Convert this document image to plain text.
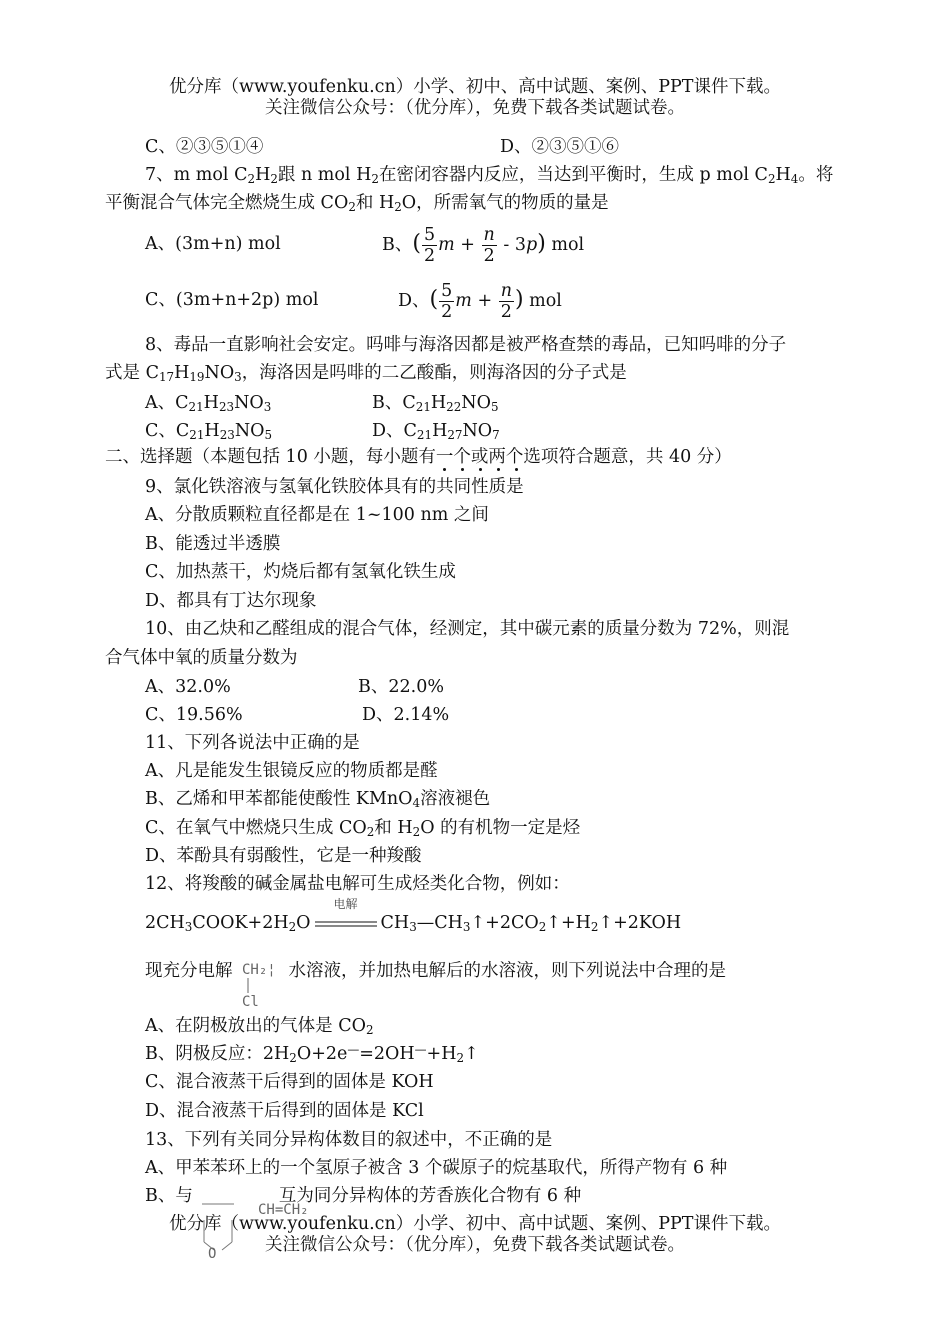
优分库（www.youfenku.cn）小学、初中、高中试题、案例、PPT课件下载。
关注微信公众号：（优分库），免费下载各类试题试卷。
C、②③⑤①④	D、②③⑤①⑥
7、m mol $C_2H_2$跟 n mol $H_2$在密闭容器内反应，当达到平衡时，生成 p mol $C_2H_4$。将
平衡混合气体完全燃烧生成 $CO_2$和 $H_2O$，所需氧气的物质的量是
A、(3m+n) mol	B、( $\frac{5}{2}$ $m + \frac{n}{2} - 3p$) mol
C、(3m+n+2p) mol	D、( $\frac{5}{2}$ $m + \frac{n}{2}$ ) mol
8、毒品一直影响社会安定。吗啡与海洛因都是被严格查禁的毒品，已知吗啡的分子
式是 $C_{17}H_{19}NO_3$，海洛因是吗啡的二乙酸酯，则海洛因的分子式是
A、$C_{21}H_{23}NO_3$	B、$C_{21}H_{22}NO_5$
C、$C_{21}H_{23}NO_5$	D、$C_{21}H_{27}NO_7$
二、选择题（本题包括 10 小题，每小题有一个或两个
选项符合题意，共 40 分）
9、氯化铁溶液与氢氧化铁胶体具有的共同性质是
A、分散质颗粒直径都是在 1~100 nm 之间
B、能透过半透膜
C、加热蒸干，灼烧后都有氢氧化铁生成
D、都具有丁达尔现象
10、由乙炔和乙醛组成的混合气体，经测定，其中碳元素的质量分数为 72%，则混
合气体中氧的质量分数为
A、32.0%	B、22.0%
C、19.56%	D、2.14%
11、下列各说法中正确的是
A、凡是能发生银镜反应的物质都是醛
B、乙烯和甲苯都能使酸性 KMnO$_4$溶液褪色
C、在氧气中燃烧只生成 $CO_2$和 $H_2O$ 的有机物一定是烃
D、苯酚具有弱酸性，它是一种羧酸
12、将羧酸的碱金属盐电解可生成烃类化合物，例如：
$2CH_3COOK+2H_2O$
电解
$CH_3—CH_3↑+2CO_2↑+H_2↑+2KOH$
现充分电解	水溶液，并加热电解后的水溶液，则下列说法中合理的是
CH₂¦
Cl
A、在阴极放出的气体是 $CO_2$
B、阴极反应：$2H_2O+2e^—=2OH^—+H_2↑$
C、混合液蒸干后得到的固体是 KOH
D、混合液蒸干后得到的固体是 KCl
13、下列有关同分异构体数目的叙述中，不正确的是
A、甲苯苯环上的一个氢原子被含 3 个碳原子的烷基取代，所得产物有 6 种
B、与	互为同分异构体的芳香族化合物有 6 种
CH=CH₂
O
优分库（www.youfenku.cn）小学、初中、高中试题、案例、PPT课件下载。
关注微信公众号：（优分库），免费下载各类试题试卷。
